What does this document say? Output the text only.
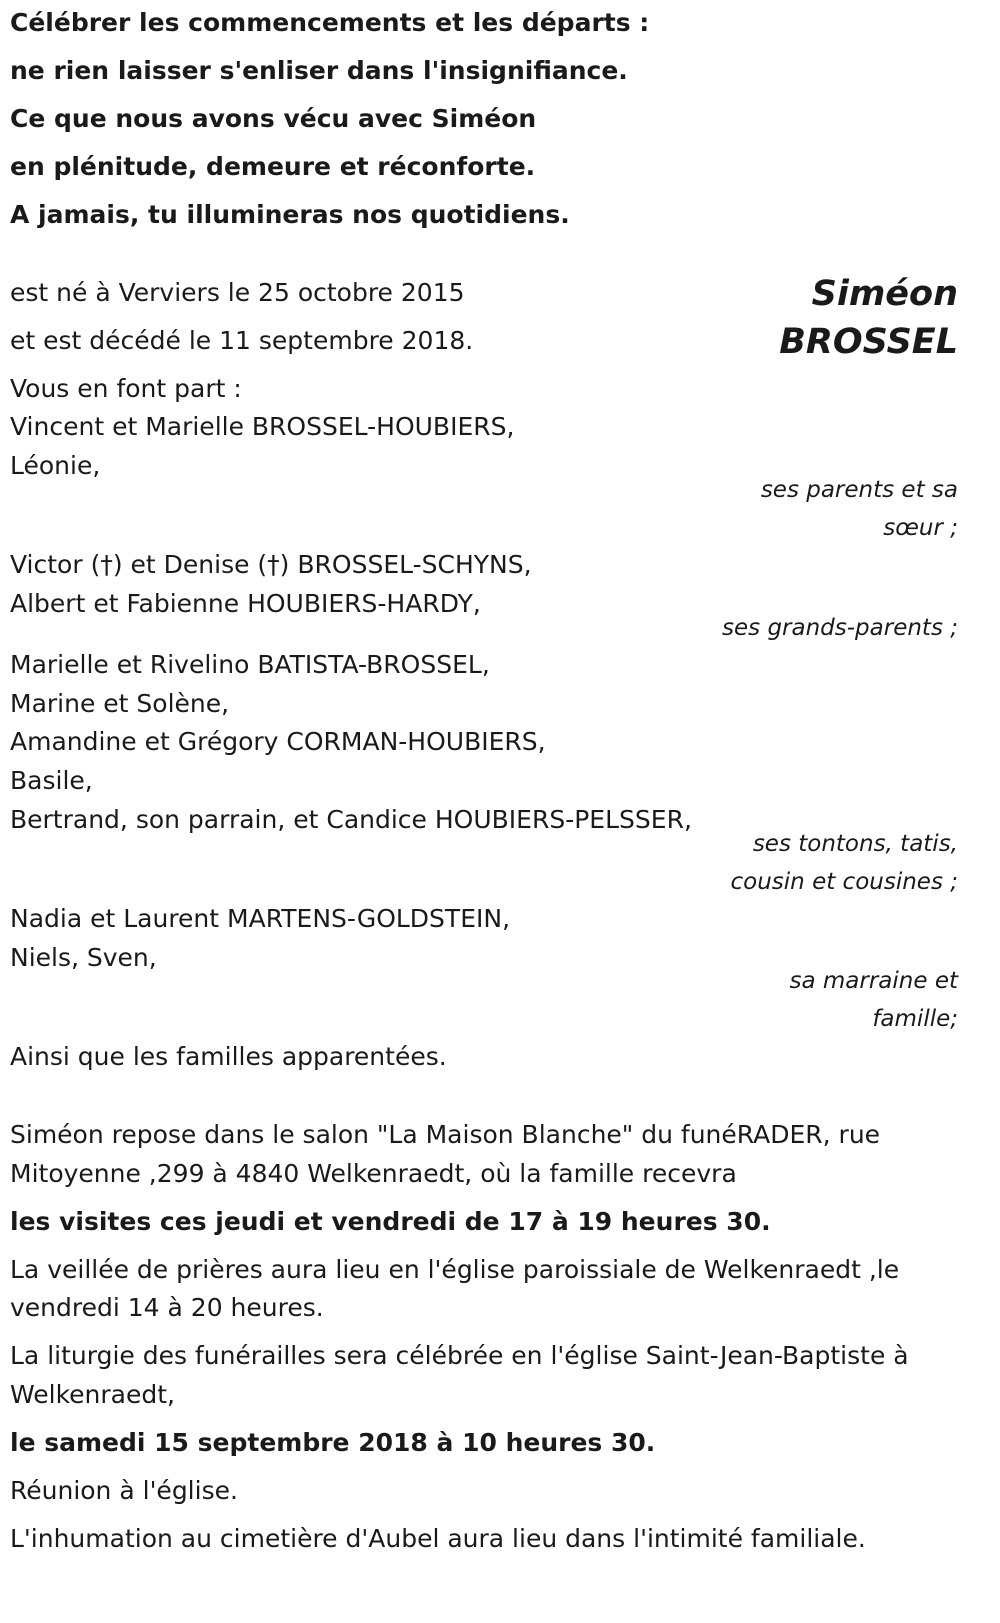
Célébrer les commencements et les départs :
ne rien laisser s'enliser dans l'insignifiance.
Ce que nous avons vécu avec Siméon
en plénitude, demeure et réconforte.
A jamais, tu illumineras nos quotidiens.
Siméon
BROSSEL
est né à Verviers le 25 octobre 2015
et est décédé le 11 septembre 2018.
Vous en font part :
Vincent et Marielle BROSSEL-HOUBIERS,
Léonie,
ses parents et sa
sœur ;
Victor (†) et Denise (†) BROSSEL-SCHYNS,
Albert et Fabienne HOUBIERS-HARDY,
ses grands-parents ;
Marielle et Rivelino BATISTA-BROSSEL,
Marine et Solène,
Amandine et Grégory CORMAN-HOUBIERS,
Basile,
Bertrand, son parrain, et Candice HOUBIERS-PELSSER,
ses tontons, tatis,
cousin et cousines ;
Nadia et Laurent MARTENS-GOLDSTEIN,
Niels, Sven,
sa marraine et
famille;
Ainsi que les familles apparentées.
Siméon repose dans le salon "La Maison Blanche" du funéRADER, rue
Mitoyenne ,299 à 4840 Welkenraedt, où la famille recevra
les visites ces jeudi et vendredi de 17 à 19 heures 30.
La veillée de prières aura lieu en l'église paroissiale de Welkenraedt ,le
vendredi 14 à 20 heures.
La liturgie des funérailles sera célébrée en l'église Saint-Jean-Baptiste à
Welkenraedt,
le samedi 15 septembre 2018 à 10 heures 30.
Réunion à l'église.
L'inhumation au cimetière d'Aubel aura lieu dans l'intimité familiale.
